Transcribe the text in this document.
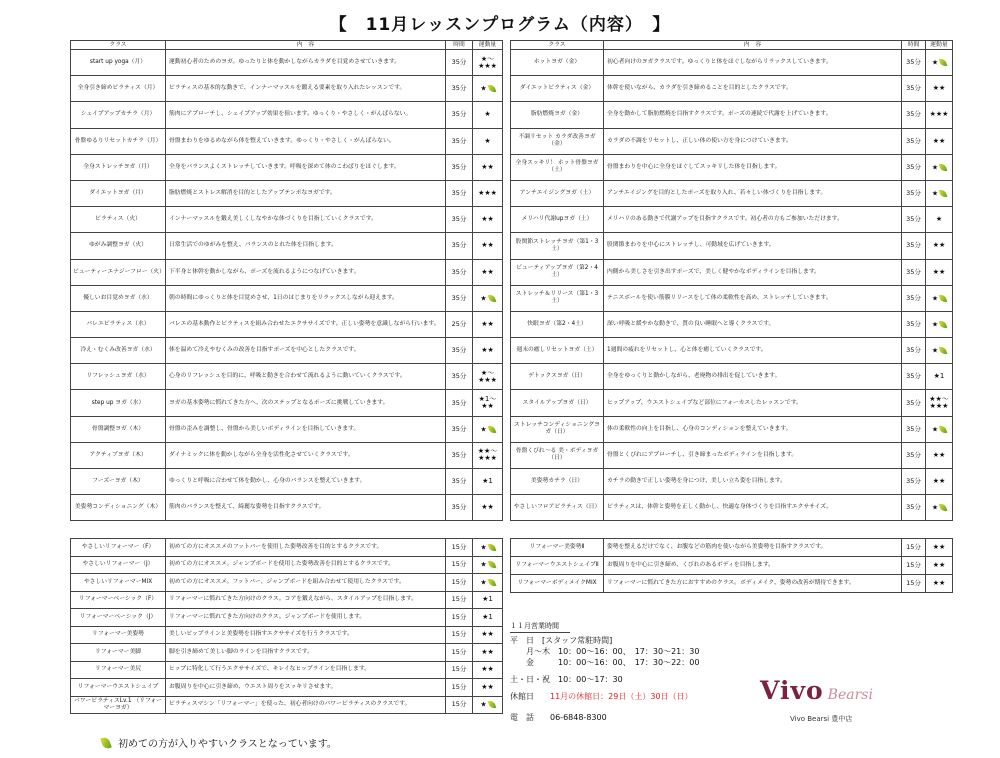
【　11月レッスンプログラム（内容）　】
クラス	内　容	時間	運動量
start up yoga（月）	運動初心者のためのヨガ。ゆったりと体を動かしながらカラダを目覚めさせていきます。	35分	★〜★★★
全身引き締めピラティス（月）	ピラティスの基本的な動きで、インナーマッスルを鍛える要素を取り入れたレッスンです。	35分	★
シェイプアップカチラ（月）	筋肉にアプローチし、シェイプアップ効果を狙います。ゆっくり・やさしく・がんばらない。	35分	★
骨盤ゆるりリセットカチラ（月）	骨盤まわりをゆるめながら体を整えていきます。ゆっくり・やさしく・がんばらない。	35分	★
全身ストレッチヨガ（月）	全身をバランスよくストレッチしていきます。呼吸を深めて体のこわばりをほぐします。	35分	★★
ダイエットヨガ（月）	脂肪燃焼とストレス解消を目的としたアップテンポなヨガです。	35分	★★★
ピラティス（火）	インナーマッスルを鍛え美しくしなやかな体づくりを目指していくクラスです。	35分	★★
ゆがみ調整ヨガ（火）	日常生活でのゆがみを整え、バランスのとれた体を目指します。	35分	★★
ビューティーエナジーフロー（火）	下半身と体幹を動かしながら、ポーズを流れるようにつなげていきます。	35分	★★
優しいお目覚めヨガ（水）	朝の時間にゆっくりと体を目覚めさせ、1日のはじまりをリラックスしながら迎えます。	35分	★
バレエピラティス（水）	バレエの基本動作とピラティスを組み合わせたエクササイズです。正しい姿勢を意識しながら行います。	25分	★★
冷え・むくみ改善ヨガ（水）	体を温めて冷えやむくみの改善を目指すポーズを中心としたクラスです。	35分	★★
リフレッシュヨガ（水）	心身のリフレッシュを目的に、呼吸と動きを合わせて流れるように動いていくクラスです。	35分	★〜★★★
step up ヨガ（水）	ヨガの基本姿勢に慣れてきた方へ、次のステップとなるポーズに挑戦していきます。	35分	★1〜★★
骨盤調整ヨガ（木）	骨盤の歪みを調整し、骨盤から美しいボディラインを目指していきます。	35分	★
アクティブヨガ（木）	ダイナミックに体を動かしながら全身を活性化させていくクラスです。	35分	★★〜★★★
フーズーヨガ（木）	ゆっくりと呼吸に合わせて体を動かし、心身のバランスを整えていきます。	35分	★1
美姿勢コンディショニング（木）	筋肉のバランスを整えて、綺麗な姿勢を目指すクラスです。	35分	★★
クラス	内　容	時間	運動量
ホットヨガ（金）	初心者向けのヨガクラスです。ゆっくりと体をほぐしながらリラックスしていきます。	35分	★
ダイエットピラティス（金）	体幹を使いながら、カラダを引き締めることを目的としたクラスです。	35分	★★
脂肪燃焼ヨガ（金）	全身を動かして脂肪燃焼を目指すクラスです。ポーズの連続で代謝を上げていきます。	35分	★★★
不調リセット カラダ改善ヨガ（金）	カラダの不調をリセットし、正しい体の使い方を身につけていきます。	35分	★★
全身スッキリ！ ホット骨盤ヨガ（土）	骨盤まわりを中心に全身をほぐしてスッキリした体を目指します。	35分	★
アンチエイジングヨガ（土）	アンチエイジングを目的としたポーズを取り入れ、若々しい体づくりを目指します。	35分	★
メリハリ代謝upヨガ（土）	メリハリのある動きで代謝アップを目指すクラスです。初心者の方もご参加いただけます。	35分	★
股関節ストレッチヨガ（第1・3土）	股関節まわりを中心にストレッチし、可動域を広げていきます。	35分	★★
ビューティアップヨガ（第2・4土）	内側から美しさを引き出すポーズで、美しく健やかなボディラインを目指します。	35分	★★
ストレッチ＆リリース（第1・3土）	テニスボールを使い筋膜リリースをして体の柔軟性を高め、ストレッチしていきます。	35分	★
快眠ヨガ（第2・4土）	深い呼吸と緩やかな動きで、質の良い睡眠へと導くクラスです。	35分	★
週末の癒しリセットヨガ（土）	1週間の疲れをリセットし、心と体を癒していくクラスです。	35分	★
デトックスヨガ（日）	全身をゆっくりと動かしながら、老廃物の排出を促していきます。	35分	★1
スタイルアップヨガ（日）	ヒップアップ、ウエストシェイプなど部位にフォーカスしたレッスンです。	35分	★★〜★★★
ストレッチコンディショニングヨガ（日）	体の柔軟性の向上を目指し、心身のコンディションを整えていきます。	35分	★
骨盤くびれ〜る 美・ボディヨガ（日）	骨盤とくびれにアプローチし、引き締まったボディラインを目指します。	35分	★★
美姿勢カチラ（日）	カチラの動きで正しい姿勢を身につけ、美しい立ち姿を目指します。	35分	★★
やさしいフロアピラティス（日）	ピラティスは、体幹と姿勢を正しく動かし、快適な身体づくりを目指すエクササイズ。	35分	★
やさしいリフォーマー（F）	初めての方にオススメのフットバーを使用した姿勢改善を目的とするクラスです。	15分	★
やさしいリフォーマー（J）	初めての方にオススメ。ジャンプボードを使用した姿勢改善を目的とするクラスです。	15分	★
やさしいリフォーマーMIX	初めての方にオススメ。フットバー、ジャンプボードを組み合わせて使用したクラスです。	15分	★
リフォーマーベーシック（F）	リフォーマーに慣れてきた方向けのクラス。コアを鍛えながら、スタイルアップを目指します。	15分	★1
リフォーマーベーシック（J）	リフォーマーに慣れてきた方向けのクラス。ジャンプボードを使用します。	15分	★1
リフォーマー美姿勢	美しいピップラインと美姿勢を目指すエクササイズを行うクラスです。	15分	★★
リフォーマー美脚	脚を引き締めて美しい脚のラインを目指すクラスです。	15分	★★
リフォーマー美尻	ヒップに特化して行うエクササイズで、キレイなヒップラインを目指します。	15分	★★
リフォーマーウエストシェイプ	お腹周りを中心に引き締め、ウエスト周りをスッキリさせます。	15分	★★
パワーピラティスLv.1 （リフォーマーヨガ）	ピラティスマシン「リフォーマー」を使った、初心者向けのパワーピラティスのクラスです。	15分	★
リフォーマー美姿勢Ⅱ	姿勢を整えるだけでなく、お腹などの筋肉を使いながら美姿勢を目指すクラスです。	15分	★★
リフォーマーウエストシェイプⅡ	お腹周りを中心に引き締め、くびれのあるボディを目指します。	15分	★★
リフォーマーボディメイクMIX	リフォーマーに慣れてきた方におすすめのクラス。ボディメイク、姿勢の改善が期待できます。	15分	★★
１１月営業時間
平　日
　 [スタッフ常駐時間]
　　月〜木　10：00〜16：00、　17：30〜21：30
　　金　　　10：00〜16：00、　17：30〜22：00
土・日・祝　10：00〜17：30
休館日
　　 11月の休館日：29日（土）30日（日）
電　話
　　 06-6848-8300
Vivo Bearsi
Vivo Bearsi 豊中店
初めての方が入りやすいクラスとなっています。
